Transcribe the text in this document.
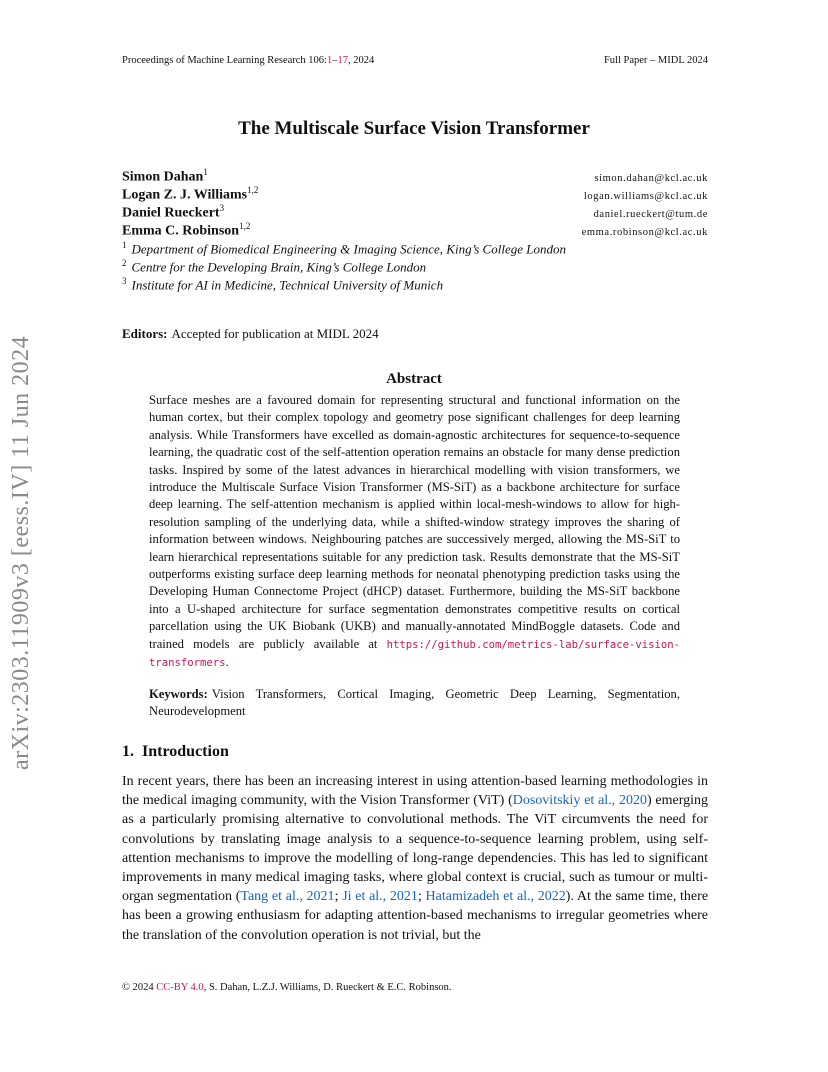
Proceedings of Machine Learning Research 106:1–17, 2024	Full Paper – MIDL 2024
arXiv:2303.11909v3 [eess.IV] 11 Jun 2024
The Multiscale Surface Vision Transformer
Simon Dahan$^1$
simon.dahan@kcl.ac.uk
Logan Z. J. Williams$^{1,2}$
logan.williams@kcl.ac.uk
Daniel Rueckert$^3$
daniel.rueckert@tum.de
Emma C. Robinson$^{1,2}$
emma.robinson@kcl.ac.uk
$^1$ Department of Biomedical Engineering & Imaging Science, King’s College London
$^2$ Centre for the Developing Brain, King’s College London
$^3$ Institute for AI in Medicine, Technical University of Munich
Editors: Accepted for publication at MIDL 2024
Abstract
Surface meshes are a favoured domain for representing structural and functional information on the human cortex, but their complex topology and geometry pose significant challenges for deep learning analysis. While Transformers have excelled as domain-agnostic architectures for sequence-to-sequence learning, the quadratic cost of the self-attention operation remains an obstacle for many dense prediction tasks. Inspired by some of the latest advances in hierarchical modelling with vision transformers, we introduce the Multiscale Surface Vision Transformer (MS-SiT) as a backbone architecture for surface deep learning. The self-attention mechanism is applied within local-mesh-windows to allow for high-resolution sampling of the underlying data, while a shifted-window strategy improves the sharing of information between windows. Neighbouring patches are successively merged, allowing the MS-SiT to learn hierarchical representations suitable for any prediction task. Results demonstrate that the MS-SiT outperforms existing surface deep learning methods for neonatal phenotyping prediction tasks using the Developing Human Connectome Project (dHCP) dataset. Furthermore, building the MS-SiT backbone into a U-shaped architecture for surface segmentation demonstrates competitive results on cortical parcellation using the UK Biobank (UKB) and manually-annotated MindBoggle datasets. Code and trained models are publicly available at https://github.com/metrics-lab/surface-vision-transformers.
Keywords: Vision Transformers, Cortical Imaging, Geometric Deep Learning, Segmentation, Neurodevelopment
1. Introduction
In recent years, there has been an increasing interest in using attention-based learning methodologies in the medical imaging community, with the Vision Transformer (ViT) (Dosovitskiy et al., 2020) emerging as a particularly promising alternative to convolutional methods. The ViT circumvents the need for convolutions by translating image analysis to a sequence-to-sequence learning problem, using self-attention mechanisms to improve the modelling of long-range dependencies. This has led to significant improvements in many medical imaging tasks, where global context is crucial, such as tumour or multi-organ segmentation (Tang et al., 2021; Ji et al., 2021; Hatamizadeh et al., 2022). At the same time, there has been a growing enthusiasm for adapting attention-based mechanisms to irregular geometries where the translation of the convolution operation is not trivial, but the
© 2024 CC-BY 4.0, S. Dahan, L.Z.J. Williams, D. Rueckert & E.C. Robinson.
